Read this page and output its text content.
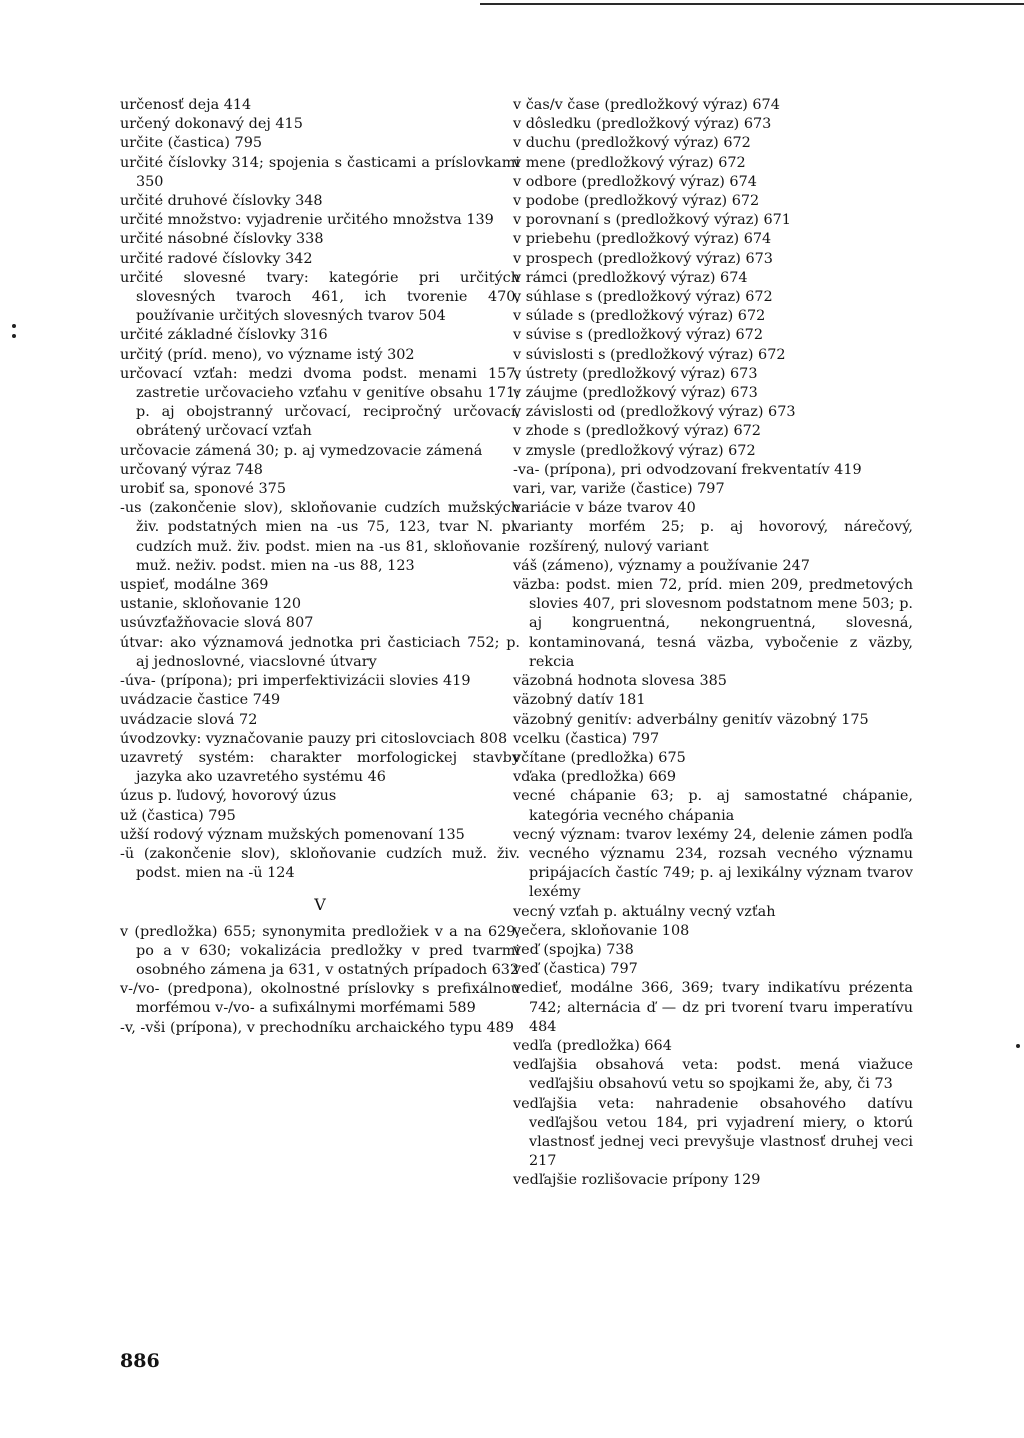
určenosť deja 414
určený dokonavý dej 415
určite (častica) 795
určité číslovky 314; spojenia s časticami a príslovkami 350
určité druhové číslovky 348
určité množstvo: vyjadrenie určitého množstva 139
určité násobné číslovky 338
určité radové číslovky 342
určité slovesné tvary: kategórie pri určitých slovesných tvaroch 461, ich tvorenie 470, používanie určitých slovesných tvarov 504
určité základné číslovky 316
určitý (príd. meno), vo význame istý 302
určovací vzťah: medzi dvoma podst. menami 157, zastretie určovacieho vzťahu v genitíve obsahu 171; p. aj obojstranný určovací, recipročný určovací, obrátený určovací vzťah
určovacie zámená 30; p. aj vymedzovacie zámená
určovaný výraz 748
urobiť sa, sponové 375
-us (zakončenie slov), skloňovanie cudzích mužských živ. podstatných mien na -us 75, 123, tvar N. pl. cudzích muž. živ. podst. mien na -us 81, skloňovanie muž. neživ. podst. mien na -us 88, 123
uspieť, modálne 369
ustanie, skloňovanie 120
usúvzťažňovacie slová 807
útvar: ako významová jednotka pri časticiach 752; p. aj jednoslovné, viacslovné útvary
-úva- (prípona); pri imperfektivizácii slovies 419
uvádzacie častice 749
uvádzacie slová 72
úvodzovky: vyznačovanie pauzy pri citoslovciach 808
uzavretý systém: charakter morfologickej stavby jazyka ako uzavretého systému 46
úzus p. ľudový, hovorový úzus
už (častica) 795
užší rodový význam mužských pomenovaní 135
-ü (zakončenie slov), skloňovanie cudzích muž. živ. podst. mien na -ü 124
V
v (predložka) 655; synonymita predložiek v a na 629, po a v 630; vokalizácia predložky v pred tvarmi osobného zámena ja 631, v ostatných prípadoch 632
v-/vo- (predpona), okolnostné príslovky s prefixálnou morfémou v-/vo- a sufixálnymi morfémami 589
-v, -vši (prípona), v prechodníku archaického typu 489
v čas/v čase (predložkový výraz) 674
v dôsledku (predložkový výraz) 673
v duchu (predložkový výraz) 672
v mene (predložkový výraz) 672
v odbore (predložkový výraz) 674
v podobe (predložkový výraz) 672
v porovnaní s (predložkový výraz) 671
v priebehu (predložkový výraz) 674
v prospech (predložkový výraz) 673
v rámci (predložkový výraz) 674
v súhlase s (predložkový výraz) 672
v súlade s (predložkový výraz) 672
v súvise s (predložkový výraz) 672
v súvislosti s (predložkový výraz) 672
v ústrety (predložkový výraz) 673
v záujme (predložkový výraz) 673
v závislosti od (predložkový výraz) 673
v zhode s (predložkový výraz) 672
v zmysle (predložkový výraz) 672
-va- (prípona), pri odvodzovaní frekventatív 419
vari, var, variže (častice) 797
variácie v báze tvarov 40
varianty morfém 25; p. aj hovorový, nárečový, rozšírený, nulový variant
váš (zámeno), významy a používanie 247
väzba: podst. mien 72, príd. mien 209, predmetových slovies 407, pri slovesnom podstatnom mene 503; p. aj kongruentná, nekongruentná, slovesná, kontaminovaná, tesná väzba, vybočenie z väzby, rekcia
väzobná hodnota slovesa 385
väzobný datív 181
väzobný genitív: adverbálny genitív väzobný 175
vcelku (častica) 797
včítane (predložka) 675
vďaka (predložka) 669
vecné chápanie 63; p. aj samostatné chápanie, kategória vecného chápania
vecný význam: tvarov lexémy 24, delenie zámen podľa vecného významu 234, rozsah vecného významu pripájacích častíc 749; p. aj lexikálny význam tvarov lexémy
vecný vzťah p. aktuálny vecný vzťah
večera, skloňovanie 108
veď (spojka) 738
veď (častica) 797
vedieť, modálne 366, 369; tvary indikatívu prézenta 742; alternácia ď — dz pri tvorení tvaru imperatívu 484
vedľa (predložka) 664
vedľajšia obsahová veta: podst. mená viažuce vedľajšiu obsahovú vetu so spojkami že, aby, či 73
vedľajšia veta: nahradenie obsahového datívu vedľajšou vetou 184, pri vyjadrení miery, o ktorú vlastnosť jednej veci prevyšuje vlastnosť druhej veci 217
vedľajšie rozlišovacie prípony 129
886
